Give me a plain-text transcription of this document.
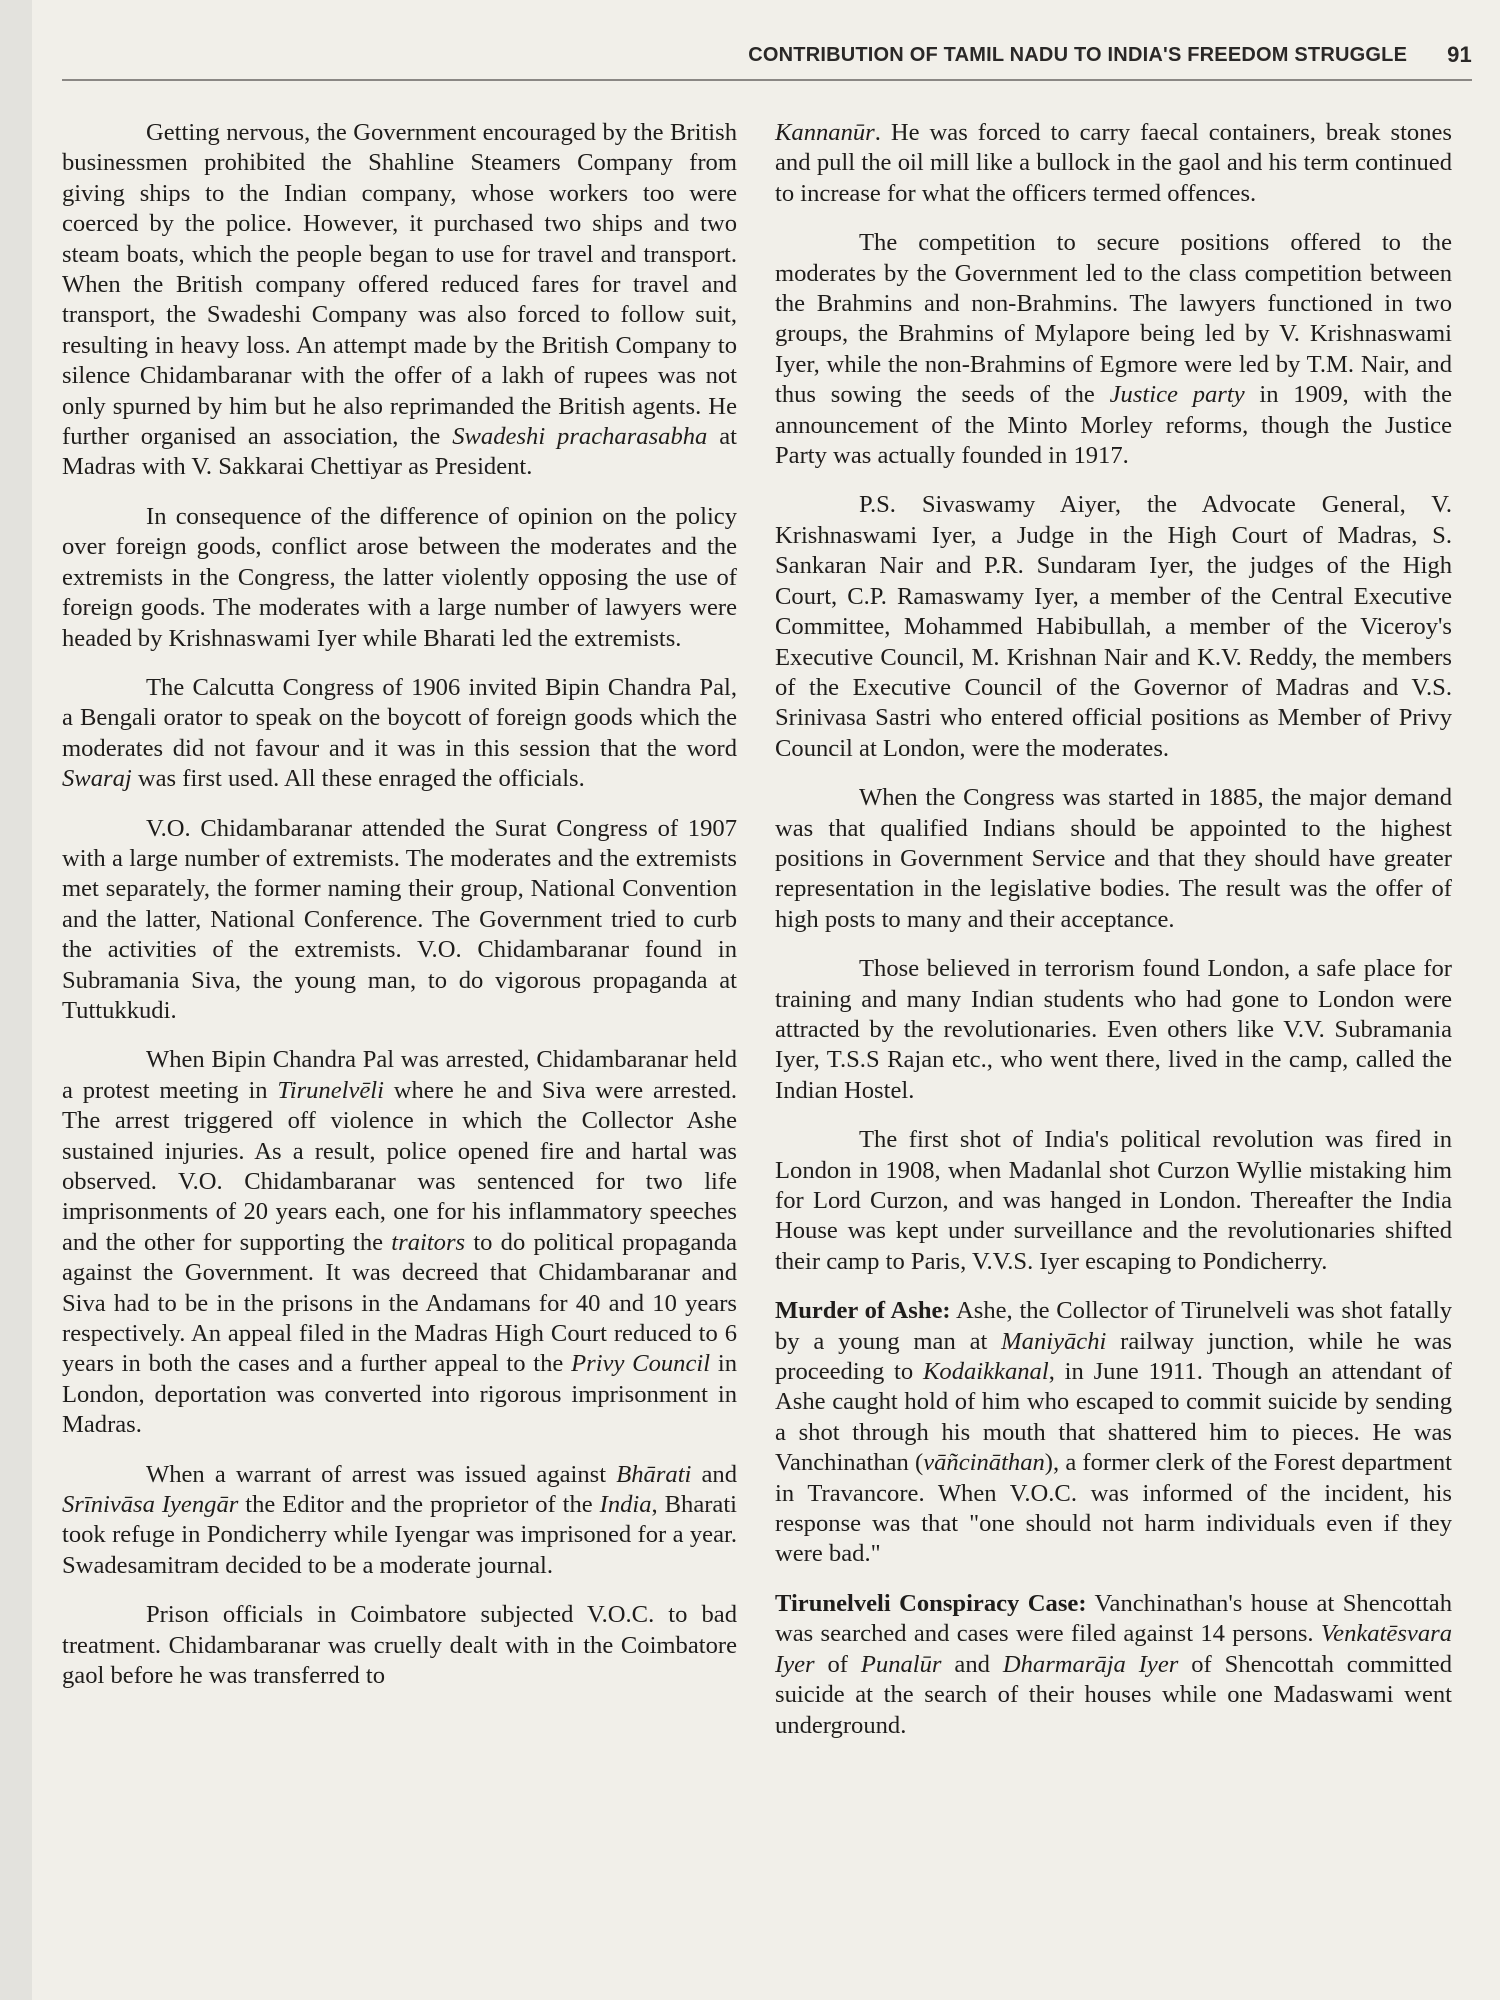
CONTRIBUTION OF TAMIL NADU TO INDIA'S FREEDOM STRUGGLE 91

Getting nervous, the Government encouraged by the British businessmen prohibited the Shahline Steamers Company from giving ships to the Indian company, whose workers too were coerced by the police. However, it purchased two ships and two steam boats, which the people began to use for travel and transport. When the British company offered reduced fares for travel and transport, the Swadeshi Company was also forced to follow suit, resulting in heavy loss. An attempt made by the British Company to silence Chidambaranar with the offer of a lakh of rupees was not only spurned by him but he also reprimanded the British agents. He further organised an association, the Swadeshi pracharasabha at Madras with V. Sakkarai Chettiyar as President.

In consequence of the difference of opinion on the policy over foreign goods, conflict arose between the moderates and the extremists in the Congress, the latter violently opposing the use of foreign goods. The moderates with a large number of lawyers were headed by Krishnaswami Iyer while Bharati led the extremists.

The Calcutta Congress of 1906 invited Bipin Chandra Pal, a Bengali orator to speak on the boycott of foreign goods which the moderates did not favour and it was in this session that the word Swaraj was first used. All these enraged the officials.

V.O. Chidambaranar attended the Surat Congress of 1907 with a large number of extremists. The moderates and the extremists met separately, the former naming their group, National Convention and the latter, National Conference. The Government tried to curb the activities of the extremists. V.O. Chidambaranar found in Subramania Siva, the young man, to do vigorous propaganda at Tuttukkudi.

When Bipin Chandra Pal was arrested, Chidambaranar held a protest meeting in Tirunelvēli where he and Siva were arrested. The arrest triggered off violence in which the Collector Ashe sustained injuries. As a result, police opened fire and hartal was observed. V.O. Chidambaranar was sentenced for two life imprisonments of 20 years each, one for his inflammatory speeches and the other for supporting the traitors to do political propaganda against the Government. It was decreed that Chidambaranar and Siva had to be in the prisons in the Andamans for 40 and 10 years respectively. An appeal filed in the Madras High Court reduced to 6 years in both the cases and a further appeal to the Privy Council in London, deportation was converted into rigorous imprisonment in Madras.

When a warrant of arrest was issued against Bhārati and Srīnivāsa Iyengār the Editor and the proprietor of the India, Bharati took refuge in Pondicherry while Iyengar was imprisoned for a year. Swadesamitram decided to be a moderate journal.

Prison officials in Coimbatore subjected V.O.C. to bad treatment. Chidambaranar was cruelly dealt with in the Coimbatore gaol before he was transferred to

Kannanūr. He was forced to carry faecal containers, break stones and pull the oil mill like a bullock in the gaol and his term continued to increase for what the officers termed offences.

The competition to secure positions offered to the moderates by the Government led to the class competition between the Brahmins and non-Brahmins. The lawyers functioned in two groups, the Brahmins of Mylapore being led by V. Krishnaswami Iyer, while the non-Brahmins of Egmore were led by T.M. Nair, and thus sowing the seeds of the Justice party in 1909, with the announcement of the Minto Morley reforms, though the Justice Party was actually founded in 1917.

P.S. Sivaswamy Aiyer, the Advocate General, V. Krishnaswami Iyer, a Judge in the High Court of Madras, S. Sankaran Nair and P.R. Sundaram Iyer, the judges of the High Court, C.P. Ramaswamy Iyer, a member of the Central Executive Committee, Mohammed Habibullah, a member of the Viceroy's Executive Council, M. Krishnan Nair and K.V. Reddy, the members of the Executive Council of the Governor of Madras and V.S. Srinivasa Sastri who entered official positions as Member of Privy Council at London, were the moderates.

When the Congress was started in 1885, the major demand was that qualified Indians should be appointed to the highest positions in Government Service and that they should have greater representation in the legislative bodies. The result was the offer of high posts to many and their acceptance.

Those believed in terrorism found London, a safe place for training and many Indian students who had gone to London were attracted by the revolutionaries. Even others like V.V. Subramania Iyer, T.S.S Rajan etc., who went there, lived in the camp, called the Indian Hostel.

The first shot of India's political revolution was fired in London in 1908, when Madanlal shot Curzon Wyllie mistaking him for Lord Curzon, and was hanged in London. Thereafter the India House was kept under surveillance and the revolutionaries shifted their camp to Paris, V.V.S. Iyer escaping to Pondicherry.

Murder of Ashe: Ashe, the Collector of Tirunelveli was shot fatally by a young man at Maniyāchi railway junction, while he was proceeding to Kodaikkanal, in June 1911. Though an attendant of Ashe caught hold of him who escaped to commit suicide by sending a shot through his mouth that shattered him to pieces. He was Vanchinathan (vāñcināthan), a former clerk of the Forest department in Travancore. When V.O.C. was informed of the incident, his response was that "one should not harm individuals even if they were bad."

Tirunelveli Conspiracy Case: Vanchinathan's house at Shencottah was searched and cases were filed against 14 persons. Venkatēsvara Iyer of Punalūr and Dharmarāja Iyer of Shencottah committed suicide at the search of their houses while one Madaswami went underground.
